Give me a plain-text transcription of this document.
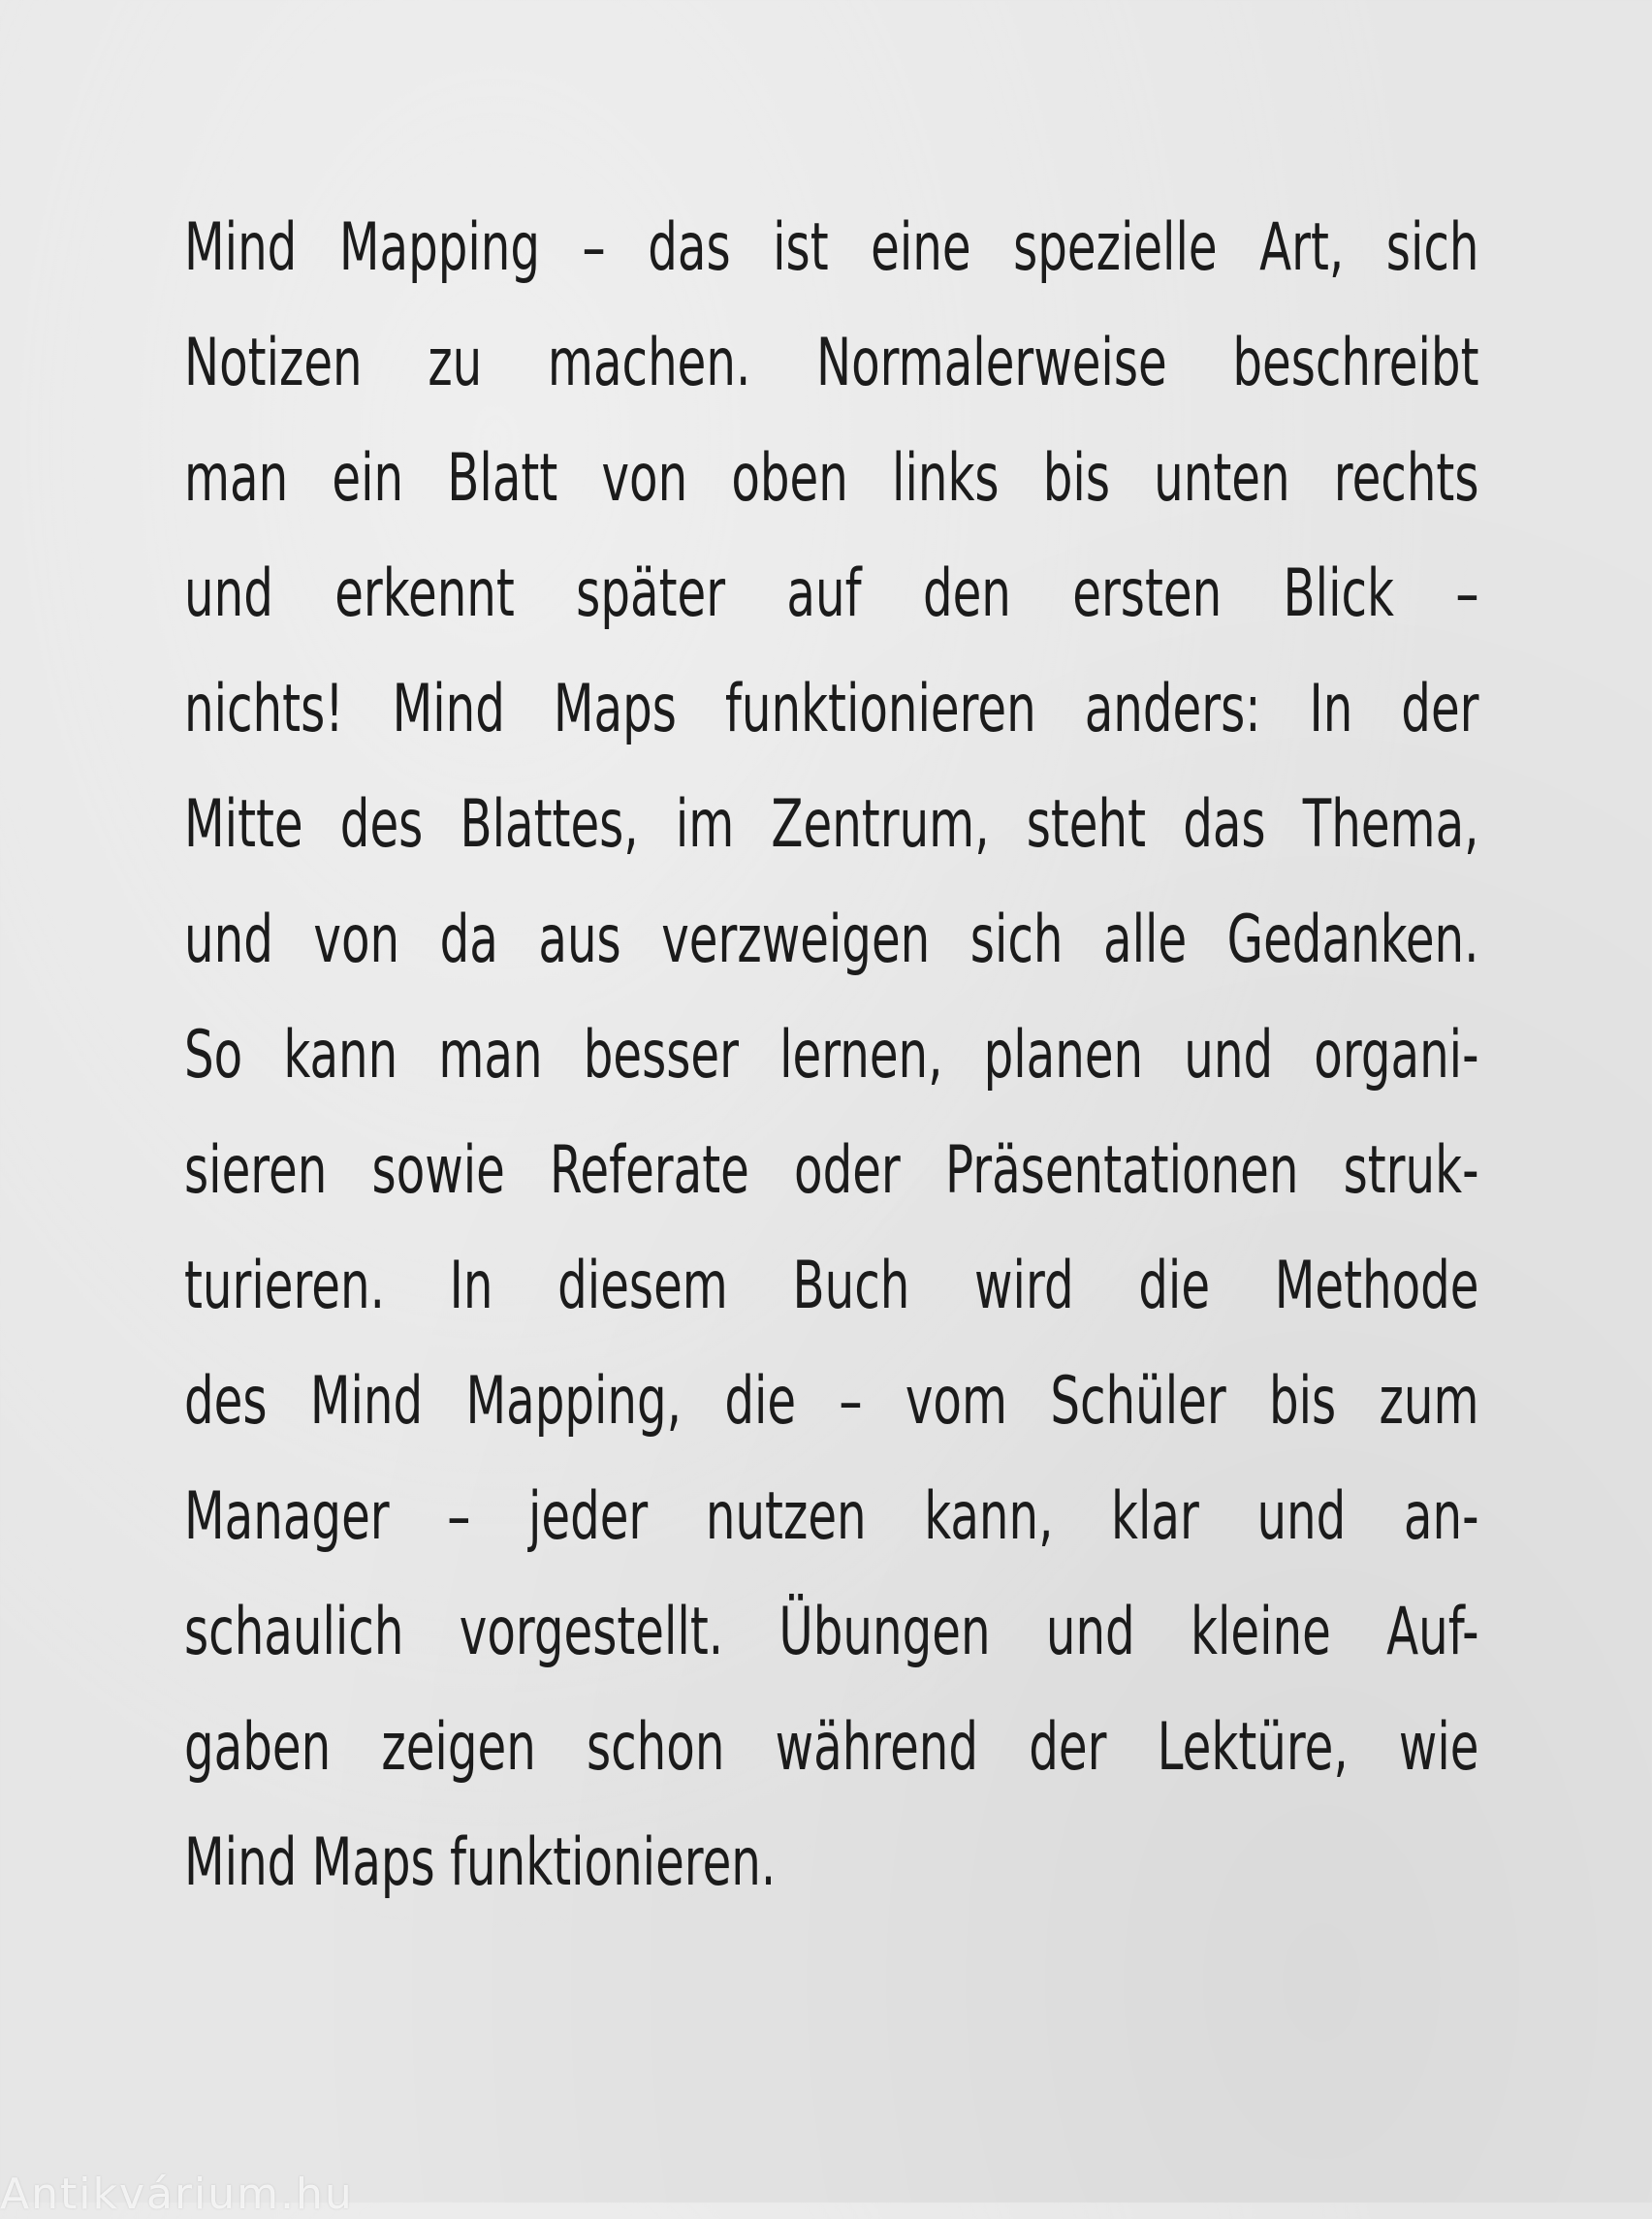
Mind Mapping – das ist eine spezielle Art, sich
Notizen zu machen. Normalerweise beschreibt
man ein Blatt von oben links bis unten rechts
und erkennt später auf den ersten Blick –
nichts! Mind Maps funktionieren anders: In der
Mitte des Blattes, im Zentrum, steht das Thema,
und von da aus verzweigen sich alle Gedanken.
So kann man besser lernen, planen und organi-
sieren sowie Referate oder Präsentationen struk-
turieren. In diesem Buch wird die Methode
des Mind Mapping, die – vom Schüler bis zum
Manager – jeder nutzen kann, klar und an-
schaulich vorgestellt. Übungen und kleine Auf-
gaben zeigen schon während der Lektüre, wie
Mind Maps funktionieren.
Antikvárium.hu
